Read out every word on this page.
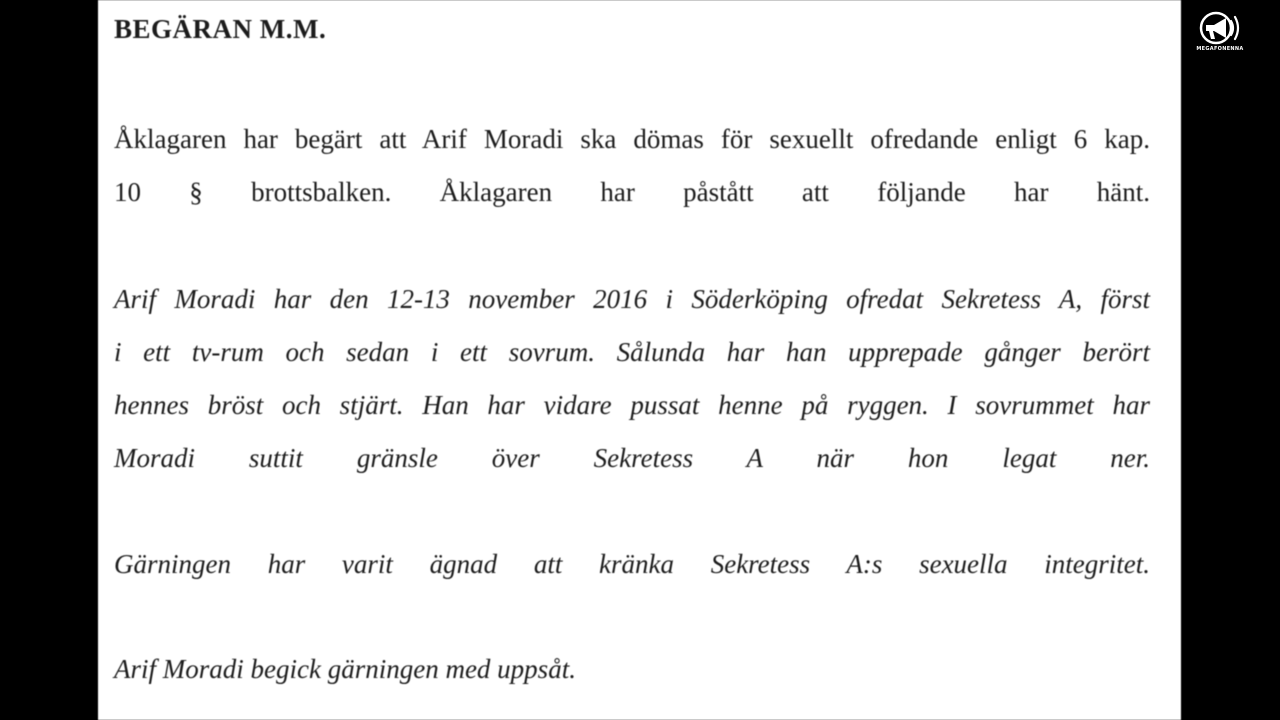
BEGÄRAN M.M.

Åklagaren har begärt att Arif Moradi ska dömas för sexuellt ofredande enligt 6 kap.
10 § brottsbalken. Åklagaren har påstått att följande har hänt.

Arif Moradi har den 12-13 november 2016 i Söderköping ofredat Sekretess A, först
i ett tv-rum och sedan i ett sovrum. Sålunda har han upprepade gånger berört
hennes bröst och stjärt. Han har vidare pussat henne på ryggen. I sovrummet har
Moradi suttit gränsle över Sekretess A när hon legat ner.

Gärningen har varit ägnad att kränka Sekretess A:s sexuella integritet.

Arif Moradi begick gärningen med uppsåt.

MEGAFONENNA
